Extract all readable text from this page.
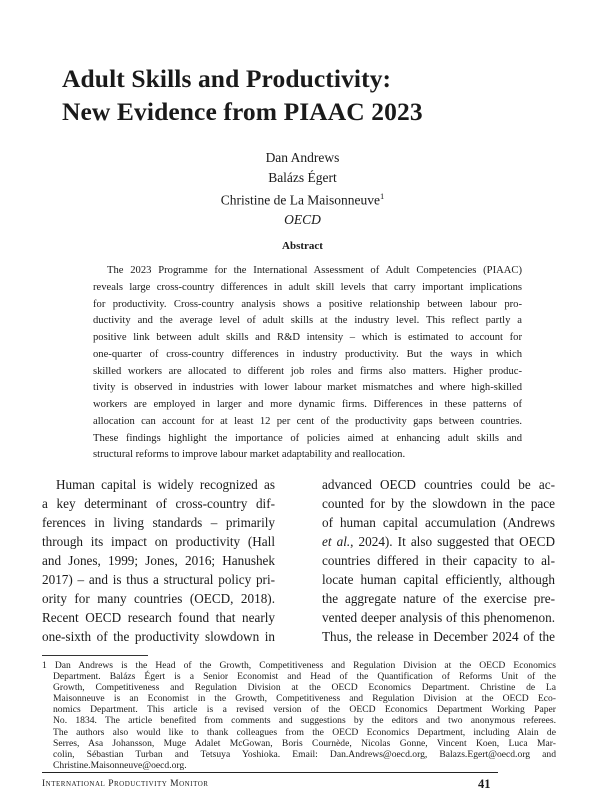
Adult Skills and Productivity:
New Evidence from PIAAC 2023
Dan Andrews
Balázs Égert
Christine de La Maisonneuve$^1$
OECD
Abstract
The 2023 Programme for the International Assessment of Adult Competencies (PIAAC)
reveals large cross-country differences in adult skill levels that carry important implications
for productivity. Cross-country analysis shows a positive relationship between labour pro-
ductivity and the average level of adult skills at the industry level. This reflect partly a
positive link between adult skills and R&D intensity – which is estimated to account for
one-quarter of cross-country differences in industry productivity. But the ways in which
skilled workers are allocated to different job roles and firms also matters. Higher produc-
tivity is observed in industries with lower labour market mismatches and where high-skilled
workers are employed in larger and more dynamic firms. Differences in these patterns of
allocation can account for at least 12 per cent of the productivity gaps between countries.
These findings highlight the importance of policies aimed at enhancing adult skills and
structural reforms to improve labour market adaptability and reallocation.
Human capital is widely recognized as
a key determinant of cross-country dif-
ferences in living standards – primarily
through its impact on productivity (Hall
and Jones, 1999; Jones, 2016; Hanushek
2017) – and is thus a structural policy pri-
ority for many countries (OECD, 2018).
Recent OECD research found that nearly
one-sixth of the productivity slowdown in
advanced OECD countries could be ac-
counted for by the slowdown in the pace
of human capital accumulation (Andrews
et al., 2024). It also suggested that OECD
countries differed in their capacity to al-
locate human capital efficiently, although
the aggregate nature of the exercise pre-
vented deeper analysis of this phenomenon.
Thus, the release in December 2024 of the
1 Dan Andrews is the Head of the Growth, Competitiveness and Regulation Division at the OECD Economics
Department. Balázs Égert is a Senior Economist and Head of the Quantification of Reforms Unit of the
Growth, Competitiveness and Regulation Division at the OECD Economics Department. Christine de La
Maisonneuve is an Economist in the Growth, Competitiveness and Regulation Division at the OECD Eco-
nomics Department. This article is a revised version of the OECD Economics Department Working Paper
No. 1834. The article benefited from comments and suggestions by the editors and two anonymous referees.
The authors also would like to thank colleagues from the OECD Economics Department, including Alain de
Serres, Asa Johansson, Muge Adalet McGowan, Boris Cournède, Nicolas Gonne, Vincent Koen, Luca Mar-
colin, Sébastian Turban and Tetsuya Yoshioka. Email: Dan.Andrews@oecd.org, Balazs.Egert@oecd.org and
Christine.Maisonneuve@oecd.org.
International Productivity Monitor	41
